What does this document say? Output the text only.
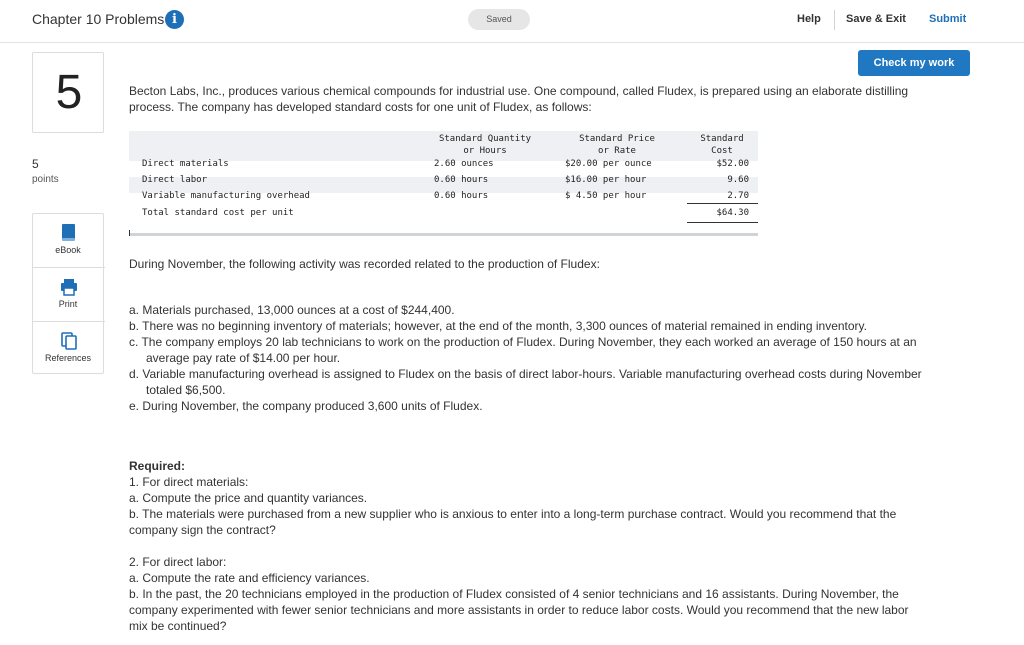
Chapter 10 Problems i	Saved	Help Save & Exit Submit
Check my work
5
5
points
eBook
Print
References

Becton Labs, Inc., produces various chemical compounds for industrial use. One compound, called Fludex, is prepared using an elaborate distilling process. The company has developed standard costs for one unit of Fludex, as follows:

Standard Quantity
or Hours
Standard Price
or Rate
Standard
Cost
Direct materials	2.60 ounces	$20.00 per ounce	$52.00
Direct labor	0.60 hours	$16.00 per hour	9.60
Variable manufacturing overhead	0.60 hours	$ 4.50 per hour	2.70
Total standard cost per unit	$64.30

During November, the following activity was recorded related to the production of Fludex:

a. Materials purchased, 13,000 ounces at a cost of $244,400.
b. There was no beginning inventory of materials; however, at the end of the month, 3,300 ounces of material remained in ending inventory.
c. The company employs 20 lab technicians to work on the production of Fludex. During November, they each worked an average of 150 hours at an average pay rate of $14.00 per hour.
d. Variable manufacturing overhead is assigned to Fludex on the basis of direct labor-hours. Variable manufacturing overhead costs during November totaled $6,500.
e. During November, the company produced 3,600 units of Fludex.
Required:
1. For direct materials:
a. Compute the price and quantity variances.
b. The materials were purchased from a new supplier who is anxious to enter into a long-term purchase contract. Would you recommend that the company sign the contract?
2. For direct labor:
a. Compute the rate and efficiency variances.
b. In the past, the 20 technicians employed in the production of Fludex consisted of 4 senior technicians and 16 assistants. During November, the company experimented with fewer senior technicians and more assistants in order to reduce labor costs. Would you recommend that the new labor mix be continued?
